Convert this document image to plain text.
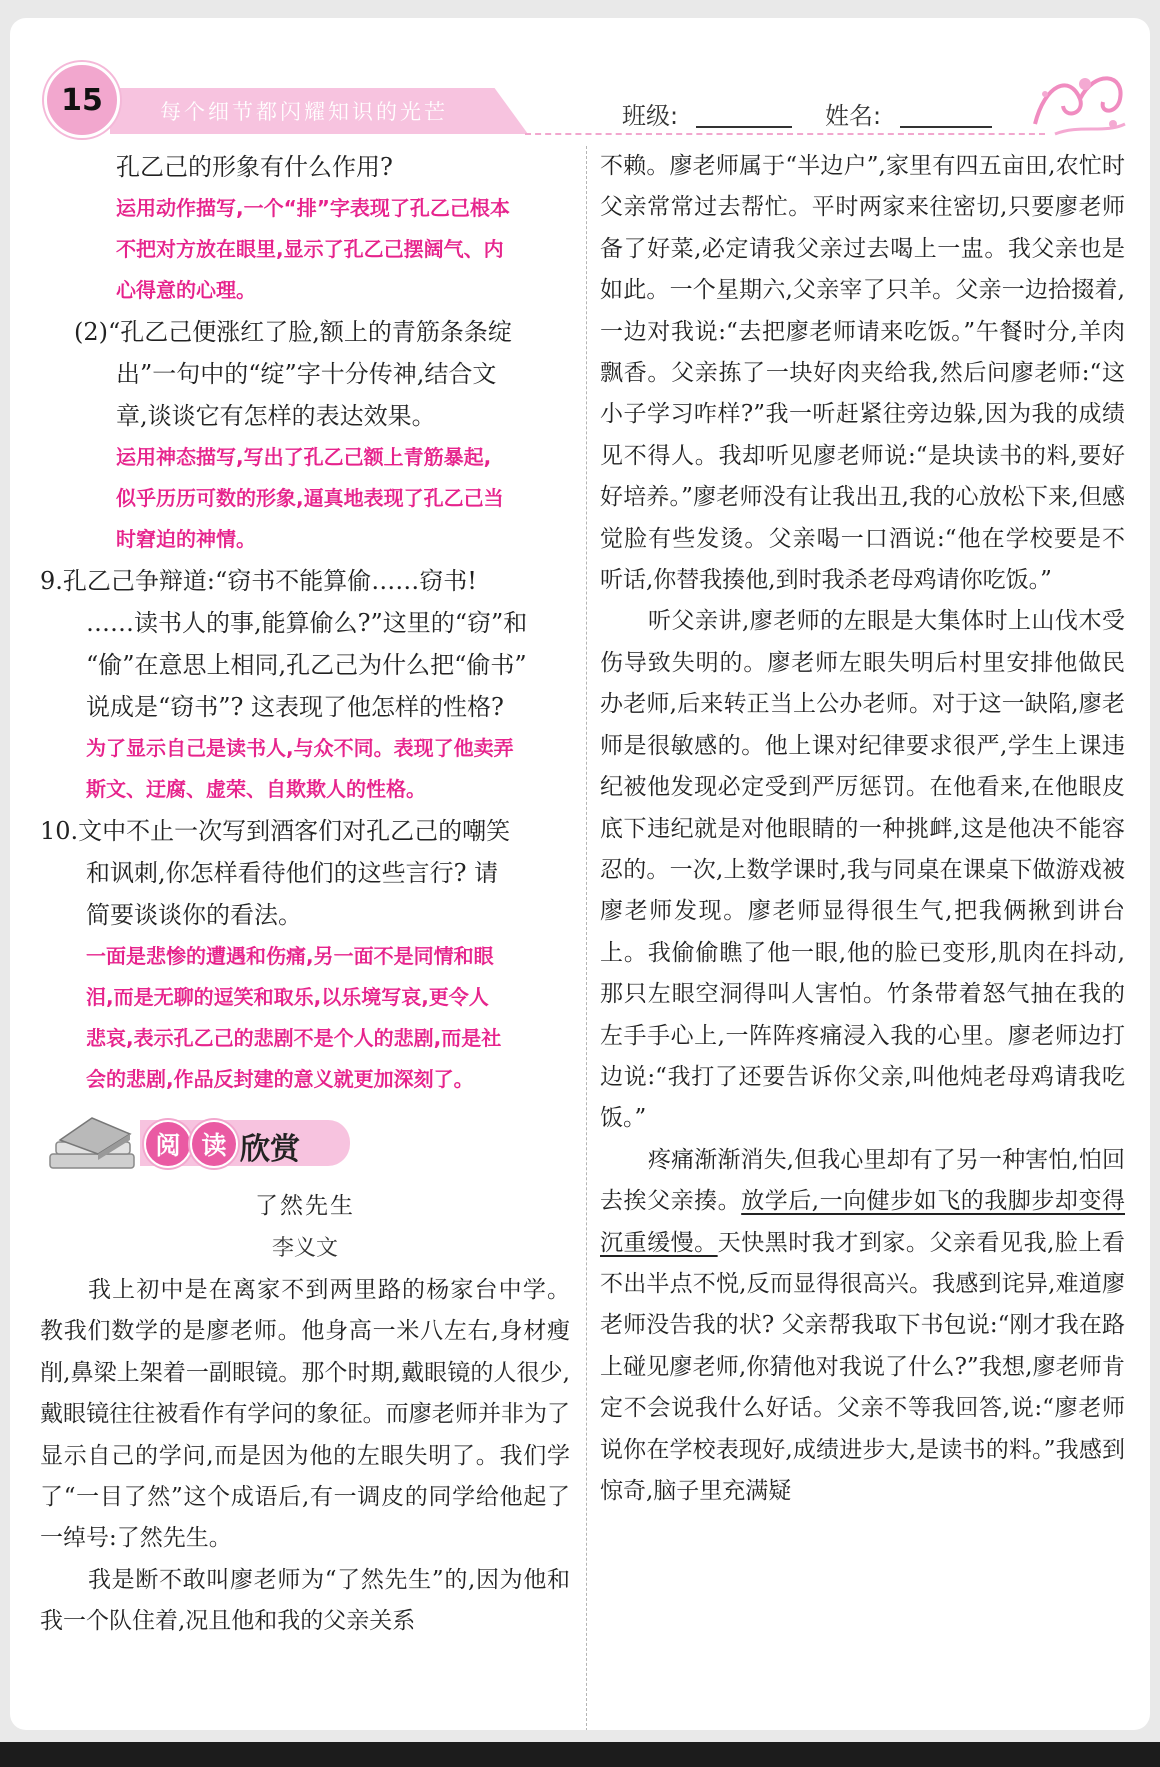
15	每个细节都闪耀知识的光芒	班级:	姓名:

孔乙己的形象有什么作用?

运用动作描写,一个“排”字表现了孔乙己根本
不把对方放在眼里,显示了孔乙己摆阔气、内
心得意的心理。
(2)“孔乙己便涨红了脸,额上的青筋条条绽
出”一句中的“绽”字十分传神,结合文
章,谈谈它有怎样的表达效果。
运用神态描写,写出了孔乙己额上青筋暴起,
似乎历历可数的形象,逼真地表现了孔乙己当
时窘迫的神情。
9.孔乙己争辩道:“窃书不能算偷……窃书!
……读书人的事,能算偷么?”这里的“窃”和
“偷”在意思上相同,孔乙己为什么把“偷书”
说成是“窃书”? 这表现了他怎样的性格?
为了显示自己是读书人,与众不同。表现了他卖弄
斯文、迂腐、虚荣、自欺欺人的性格。
10.文中不止一次写到酒客们对孔乙己的嘲笑
和讽刺,你怎样看待他们的这些言行? 请
简要谈谈你的看法。
一面是悲惨的遭遇和伤痛,另一面不是同情和眼
泪,而是无聊的逗笑和取乐,以乐境写哀,更令人
悲哀,表示孔乙己的悲剧不是个人的悲剧,而是社
会的悲剧,作品反封建的意义就更加深刻了。
阅 读 欣赏

了然先生

李义文

我上初中是在离家不到两里路的杨家台中学。教我们数学的是廖老师。他身高一米八左右,身材瘦削,鼻梁上架着一副眼镜。那个时期,戴眼镜的人很少,戴眼镜往往被看作有学问的象征。而廖老师并非为了显示自己的学问,而是因为他的左眼失明了。我们学了“一目了然”这个成语后,有一调皮的同学给他起了一绰号:了然先生。

我是断不敢叫廖老师为“了然先生”的,因为他和我一个队住着,况且他和我的父亲关系

不赖。廖老师属于“半边户”,家里有四五亩田,农忙时父亲常常过去帮忙。平时两家来往密切,只要廖老师备了好菜,必定请我父亲过去喝上一盅。我父亲也是如此。一个星期六,父亲宰了只羊。父亲一边拾掇着,一边对我说:“去把廖老师请来吃饭。”午餐时分,羊肉飘香。父亲拣了一块好肉夹给我,然后问廖老师:“这小子学习咋样?”我一听赶紧往旁边躲,因为我的成绩见不得人。我却听见廖老师说:“是块读书的料,要好好培养。”廖老师没有让我出丑,我的心放松下来,但感觉脸有些发烫。父亲喝一口酒说:“他在学校要是不听话,你替我揍他,到时我杀老母鸡请你吃饭。”

听父亲讲,廖老师的左眼是大集体时上山伐木受伤导致失明的。廖老师左眼失明后村里安排他做民办老师,后来转正当上公办老师。对于这一缺陷,廖老师是很敏感的。他上课对纪律要求很严,学生上课违纪被他发现必定受到严厉惩罚。在他看来,在他眼皮底下违纪就是对他眼睛的一种挑衅,这是他决不能容忍的。一次,上数学课时,我与同桌在课桌下做游戏被廖老师发现。廖老师显得很生气,把我俩揪到讲台上。我偷偷瞧了他一眼,他的脸已变形,肌肉在抖动,那只左眼空洞得叫人害怕。竹条带着怒气抽在我的左手手心上,一阵阵疼痛浸入我的心里。廖老师边打边说:“我打了还要告诉你父亲,叫他炖老母鸡请我吃饭。”

疼痛渐渐消失,但我心里却有了另一种害怕,怕回去挨父亲揍。放学后,一向健步如飞的我脚步却变得沉重缓慢。天快黑时我才到家。父亲看见我,脸上看不出半点不悦,反而显得很高兴。我感到诧异,难道廖老师没告我的状? 父亲帮我取下书包说:“刚才我在路上碰见廖老师,你猜他对我说了什么?”我想,廖老师肯定不会说我什么好话。父亲不等我回答,说:“廖老师说你在学校表现好,成绩进步大,是读书的料。”我感到惊奇,脑子里充满疑
